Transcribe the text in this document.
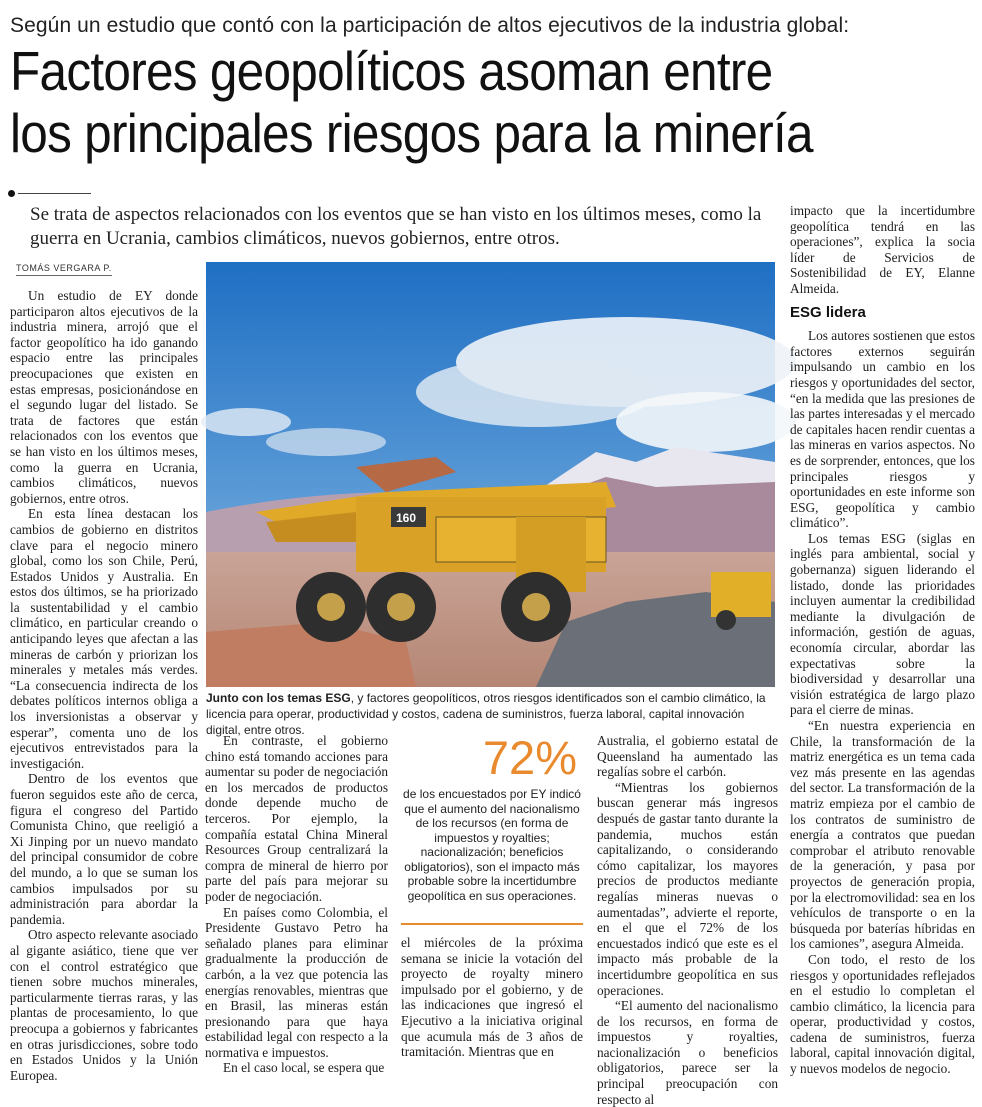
Según un estudio que contó con la participación de altos ejecutivos de la industria global:
Factores geopolíticos asoman entre
los principales riesgos para la minería
Se trata de aspectos relacionados con los eventos que se han visto en los últimos meses, como la guerra en Ucrania, cambios climáticos, nuevos gobiernos, entre otros.
TOMÁS VERGARA P.

Un estudio de EY donde participaron altos ejecutivos de la industria minera, arrojó que el factor geopolítico ha ido ganando espacio entre las principales preocupaciones que existen en estas empresas, posicionándose en el segundo lugar del listado. Se trata de factores que están relacionados con los eventos que se han visto en los últimos meses, como la guerra en Ucrania, cambios climáticos, nuevos gobiernos, entre otros.

En esta línea destacan los cambios de gobierno en distritos clave para el negocio minero global, como los son Chile, Perú, Estados Unidos y Australia. En estos dos últimos, se ha priorizado la sustentabilidad y el cambio climático, en particular creando o anticipando leyes que afectan a las mineras de carbón y priorizan los minerales y metales más verdes. “La consecuencia indirecta de los debates políticos internos obliga a los inversionistas a observar y esperar”, comenta uno de los ejecutivos entrevistados para la investigación.

Dentro de los eventos que fueron seguidos este año de cerca, figura el congreso del Partido Comunista Chino, que reeligió a Xi Jinping por un nuevo mandato del principal consumidor de cobre del mundo, a lo que se suman los cambios impulsados por su administración para abordar la pandemia.

Otro aspecto relevante asociado al gigante asiático, tiene que ver con el control estratégico que tienen sobre muchos minerales, particularmente tierras raras, y las plantas de procesamiento, lo que preocupa a gobiernos y fabricantes en otras jurisdicciones, sobre todo en Estados Unidos y la Unión Europea.

160
COLLAHUASI
Junto con los temas ESG, y factores geopolíticos, otros riesgos identificados son el cambio climático, la licencia para operar, productividad y costos, cadena de suministros, fuerza laboral, capital innovación digital, entre otros.

En contraste, el gobierno chino está tomando acciones para aumentar su poder de negociación en los mercados de productos donde depende mucho de terceros. Por ejemplo, la compañía estatal China Mineral Resources Group centralizará la compra de mineral de hierro por parte del país para mejorar su poder de negociación.

En países como Colombia, el Presidente Gustavo Petro ha señalado planes para eliminar gradualmente la producción de carbón, a la vez que potencia las energías renovables, mientras que en Brasil, las mineras están presionando para que haya estabilidad legal con respecto a la normativa e impuestos.

En el caso local, se espera que

72%
de los encuestados por EY indicó que el aumento del nacionalismo de los recursos (en forma de impuestos y royalties; nacionalización; beneficios obligatorios), son el impacto más probable sobre la incertidumbre geopolítica en sus operaciones.

el miércoles de la próxima semana se inicie la votación del proyecto de royalty minero impulsado por el gobierno, y de las indicaciones que ingresó el Ejecutivo a la iniciativa original que acumula más de 3 años de tramitación. Mientras que en

Australia, el gobierno estatal de Queensland ha aumentado las regalías sobre el carbón.

“Mientras los gobiernos buscan generar más ingresos después de gastar tanto durante la pandemia, muchos están capitalizando, o considerando cómo capitalizar, los mayores precios de productos mediante regalías mineras nuevas o aumentadas”, advierte el reporte, en el que el 72% de los encuestados indicó que este es el impacto más probable de la incertidumbre geopolítica en sus operaciones.

“El aumento del nacionalismo de los recursos, en forma de impuestos y royalties, nacionalización o beneficios obligatorios, parece ser la principal preocupación con respecto al

impacto que la incertidumbre geopolítica tendrá en las operaciones”, explica la socia líder de Servicios de Sostenibilidad de EY, Elanne Almeida.

ESG lidera

Los autores sostienen que estos factores externos seguirán impulsando un cambio en los riesgos y oportunidades del sector, “en la medida que las presiones de las partes interesadas y el mercado de capitales hacen rendir cuentas a las mineras en varios aspectos. No es de sorprender, entonces, que los principales riesgos y oportunidades en este informe son ESG, geopolítica y cambio climático”.

Los temas ESG (siglas en inglés para ambiental, social y gobernanza) siguen liderando el listado, donde las prioridades incluyen aumentar la credibilidad mediante la divulgación de información, gestión de aguas, economía circular, abordar las expectativas sobre la biodiversidad y desarrollar una visión estratégica de largo plazo para el cierre de minas.

“En nuestra experiencia en Chile, la transformación de la matriz energética es un tema cada vez más presente en las agendas del sector. La transformación de la matriz empieza por el cambio de los contratos de suministro de energía a contratos que puedan comprobar el atributo renovable de la generación, y pasa por proyectos de generación propia, por la electromovilidad: sea en los vehículos de transporte o en la búsqueda por baterías híbridas en los camiones”, asegura Almeida.

Con todo, el resto de los riesgos y oportunidades reflejados en el estudio lo completan el cambio climático, la licencia para operar, productividad y costos, cadena de suministros, fuerza laboral, capital innovación digital, y nuevos modelos de negocio.
